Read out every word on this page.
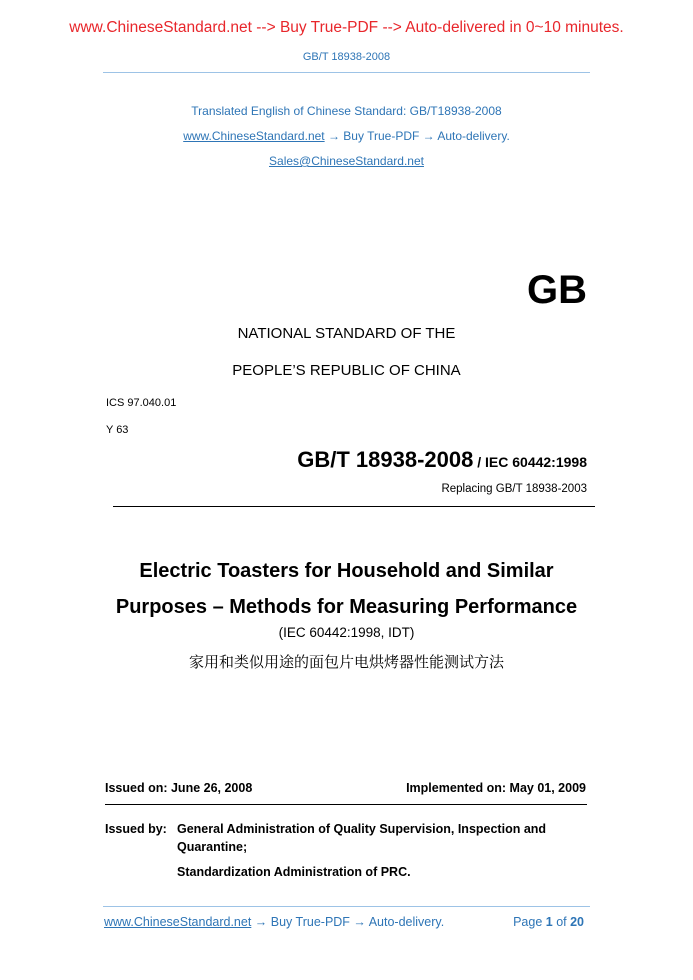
www.ChineseStandard.net --> Buy True-PDF --> Auto-delivered in 0~10 minutes.
GB/T 18938-2008
Translated English of Chinese Standard: GB/T18938-2008
www.ChineseStandard.net → Buy True-PDF → Auto-delivery.
Sales@ChineseStandard.net
GB
NATIONAL STANDARD OF THE
PEOPLE’S REPUBLIC OF CHINA
ICS 97.040.01
Y 63
GB/T 18938-2008 / IEC 60442:1998
Replacing GB/T 18938-2003
Electric Toasters for Household and Similar
Purposes – Methods for Measuring Performance
(IEC 60442:1998, IDT)
家用和类似用途的面包片电烘烤器性能测试方法
Issued on: June 26, 2008	Implemented on: May 01, 2009
Issued by: General Administration of Quality Supervision, Inspection and
Quarantine;
Standardization Administration of PRC.
www.ChineseStandard.net → Buy True-PDF → Auto-delivery.	Page 1 of 20
